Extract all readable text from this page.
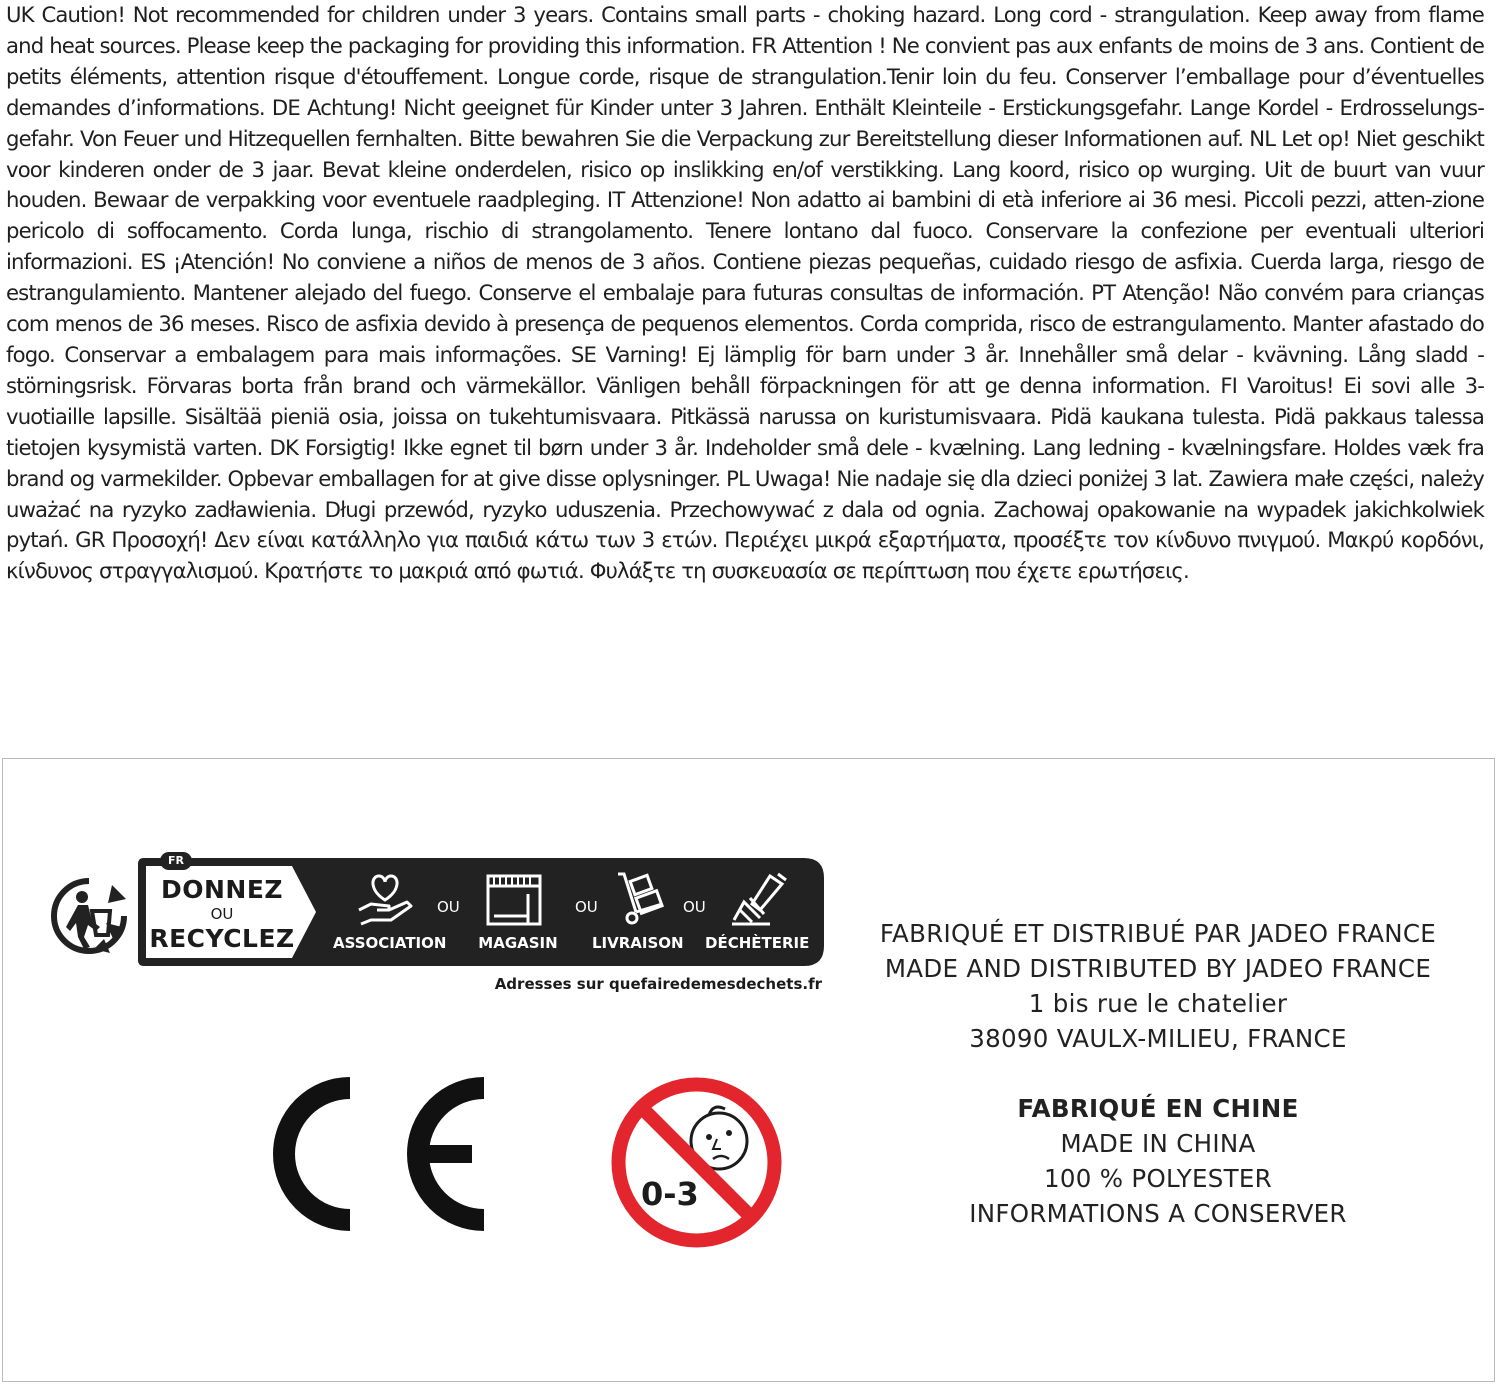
UK Caution! Not recommended for children under 3 years. Contains small parts - choking hazard. Long cord - strangulation. Keep away from flame and heat sources. Please keep the packaging for providing this information. FR Attention ! Ne convient pas aux enfants de moins de 3 ans. Contient de petits éléments, attention risque d'étouffement. Longue corde, risque de strangulation.Tenir loin du feu. Conserver l’emballage pour d’éventuelles demandes d’informations. DE Achtung! Nicht geeignet für Kinder unter 3 Jahren. Enthält Kleinteile - Erstickungsgefahr. Lange Kordel - Erdrosselungs-gefahr. Von Feuer und Hitzequellen fernhalten. Bitte bewahren Sie die Verpackung zur Bereitstellung dieser Informationen auf. NL Let op! Niet geschikt voor kinderen onder de 3 jaar. Bevat kleine onderdelen, risico op inslikking en/of verstikking. Lang koord, risico op wurging. Uit de buurt van vuur houden. Bewaar de verpakking voor eventuele raadpleging. IT Attenzione! Non adatto ai bambini di età inferiore ai 36 mesi. Piccoli pezzi, atten-zione pericolo di soffocamento. Corda lunga, rischio di strangolamento. Tenere lontano dal fuoco. Conservare la confezione per eventuali ulteriori informazioni. ES ¡Atención! No conviene a niños de menos de 3 años. Contiene piezas pequeñas, cuidado riesgo de asfixia. Cuerda larga, riesgo de estrangulamiento. Mantener alejado del fuego. Conserve el embalaje para futuras consultas de información. PT Atenção! Não convém para crianças com menos de 36 meses. Risco de asfixia devido à presença de pequenos elementos. Corda comprida, risco de estrangulamento. Manter afastado do fogo. Conservar a embalagem para mais informações. SE Varning! Ej lämplig för barn under 3 år. Innehåller små delar - kvävning. Lång sladd - störningsrisk. Förvaras borta från brand och värmekällor. Vänligen behåll förpackningen för att ge denna information. FI Varoitus! Ei sovi alle 3-vuotiaille lapsille. Sisältää pieniä osia, joissa on tukehtumisvaara. Pitkässä narussa on kuristumisvaara. Pidä kaukana tulesta. Pidä pakkaus talessa tietojen kysymistä varten. DK Forsigtig! Ikke egnet til børn under 3 år. Indeholder små dele - kvælning. Lang ledning - kvælningsfare. Holdes væk fra brand og varmekilder. Opbevar emballagen for at give disse oplysninger. PL Uwaga! Nie nadaje się dla dzieci poniżej 3 lat. Zawiera małe części, należy uważać na ryzyko zadławienia. Długi przewód, ryzyko uduszenia. Przechowywać z dala od ognia. Zachowaj opakowanie na wypadek jakichkolwiek pytań. GR Προσοχή! Δεν είναι κατάλληλο για παιδιά κάτω των 3 ετών. Περιέχει μικρά εξαρτήματα, προσέξτε τον κίνδυνο πνιγμού. Μακρύ κορδόνι, κίνδυνος στραγγαλισμού. Κρατήστε το μακριά από φωτιά. Φυλάξτε τη συσκευασία σε περίπτωση που έχετε ερωτήσεις.

FR
DONNEZ
OU
RECYCLEZ	ASSOCIATION
OU
MAGASIN
OU
LIVRAISON
OU
DÉCHÈTERIE
Adresses sur quefairedemesdechets.fr
0-3
FABRIQUÉ ET DISTRIBUÉ PAR JADEO FRANCE
MADE AND DISTRIBUTED BY JADEO FRANCE
1 bis rue le chatelier
38090 VAULX-MILIEU, FRANCE
FABRIQUÉ EN CHINE
MADE IN CHINA
100 % POLYESTER
INFORMATIONS A CONSERVER
